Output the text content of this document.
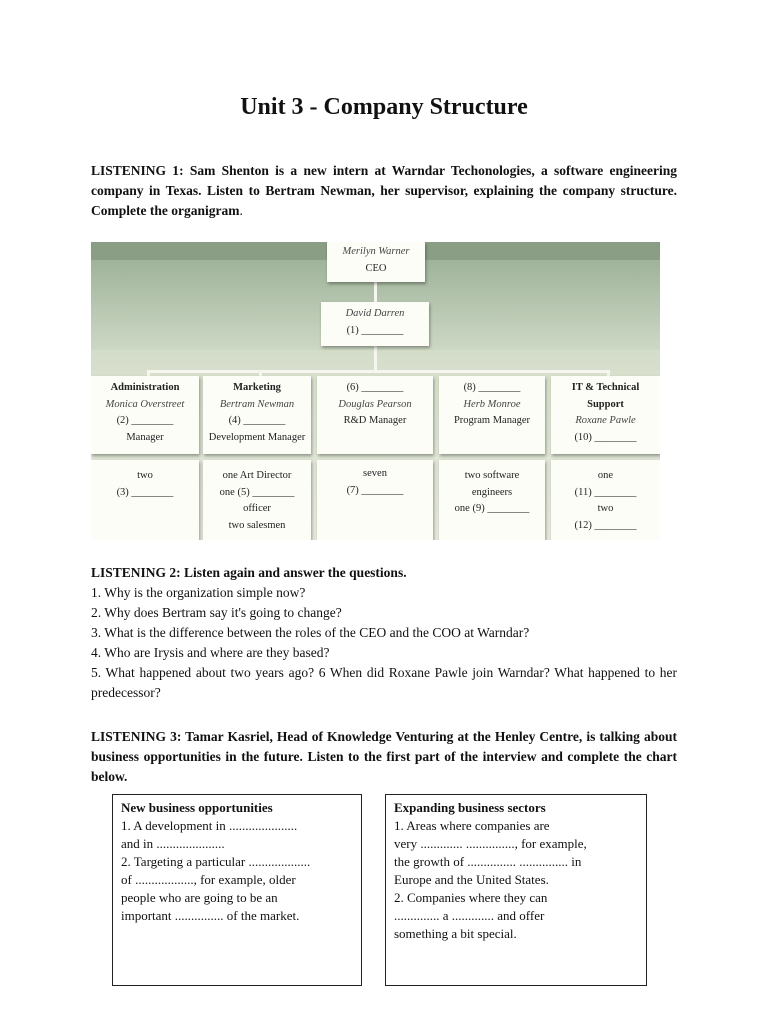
Unit 3 - Company Structure
LISTENING 1: Sam Shenton is a new intern at Warndar Techonologies, a software engineering company in Texas. Listen to Bertram Newman, her supervisor, explaining the company structure. Complete the organigram.
Merilyn Warner
CEO
David Darren
(1) ________
Administration
Monica Overstreet
(2) ________
Manager
Marketing
Bertram Newman
(4) ________
Development Manager
(6) ________
Douglas Pearson
R&D Manager
(8) ________
Herb Monroe
Program Manager
IT & Technical
Support
Roxane Pawle
(10) ________
two
(3) ________
one Art Director
one (5) ________
officer
two salesmen
seven
(7) ________
two software
engineers
one (9) ________
one
(11) ________
two
(12) ________
LISTENING 2: Listen again and answer the questions.
1. Why is the organization simple now?
2. Why does Bertram say it's going to change?
3. What is the difference between the roles of the CEO and the COO at Warndar?
4. Who are Irysis and where are they based?
5. What happened about two years ago? 6 When did Roxane Pawle join Warndar? What happened to her predecessor?
LISTENING 3: Tamar Kasriel, Head of Knowledge Venturing at the Henley Centre, is talking about business opportunities in the future. Listen to the first part of the interview and complete the chart below.
New business opportunities
1. A development in .....................
and in .....................
2. Targeting a particular ...................
of .................., for example, older
people who are going to be an
important ............... of the market.
Expanding business sectors
1. Areas where companies are
very ............. ..............., for example,
the growth of ............... ............... in
Europe and the United States.
2. Companies where they can
.............. a ............. and offer
something a bit special.
